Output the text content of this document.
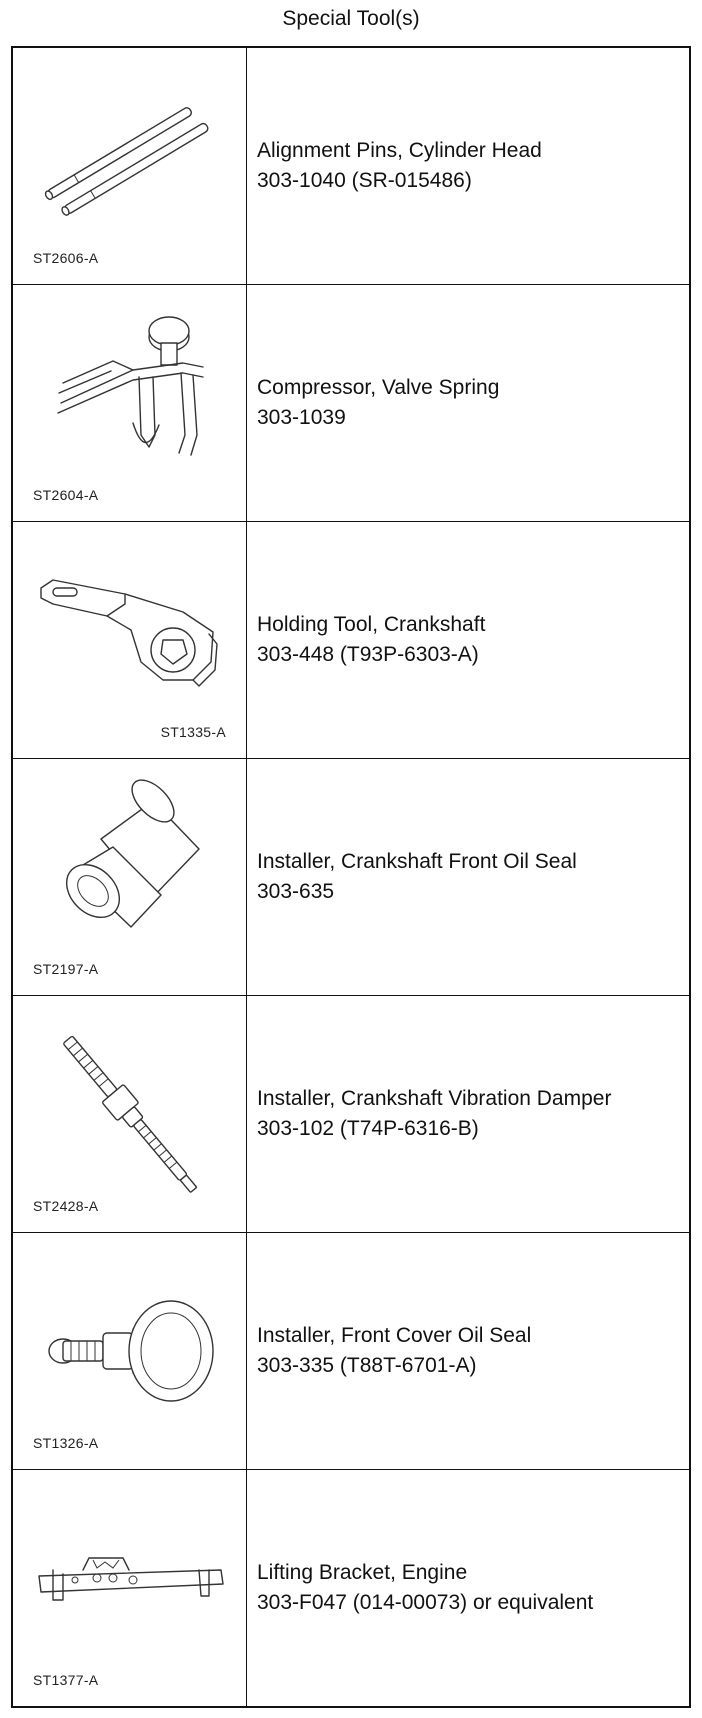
Special Tool(s)
ST2606-A
Alignment Pins, Cylinder Head
303-1040 (SR-015486)
ST2604-A
Compressor, Valve Spring
303-1039
ST1335-A
Holding Tool, Crankshaft
303-448 (T93P-6303-A)
ST2197-A
Installer, Crankshaft Front Oil Seal
303-635
ST2428-A
Installer, Crankshaft Vibration Damper
303-102 (T74P-6316-B)
ST1326-A
Installer, Front Cover Oil Seal
303-335 (T88T-6701-A)
ST1377-A
Lifting Bracket, Engine
303-F047 (014-00073) or equivalent
